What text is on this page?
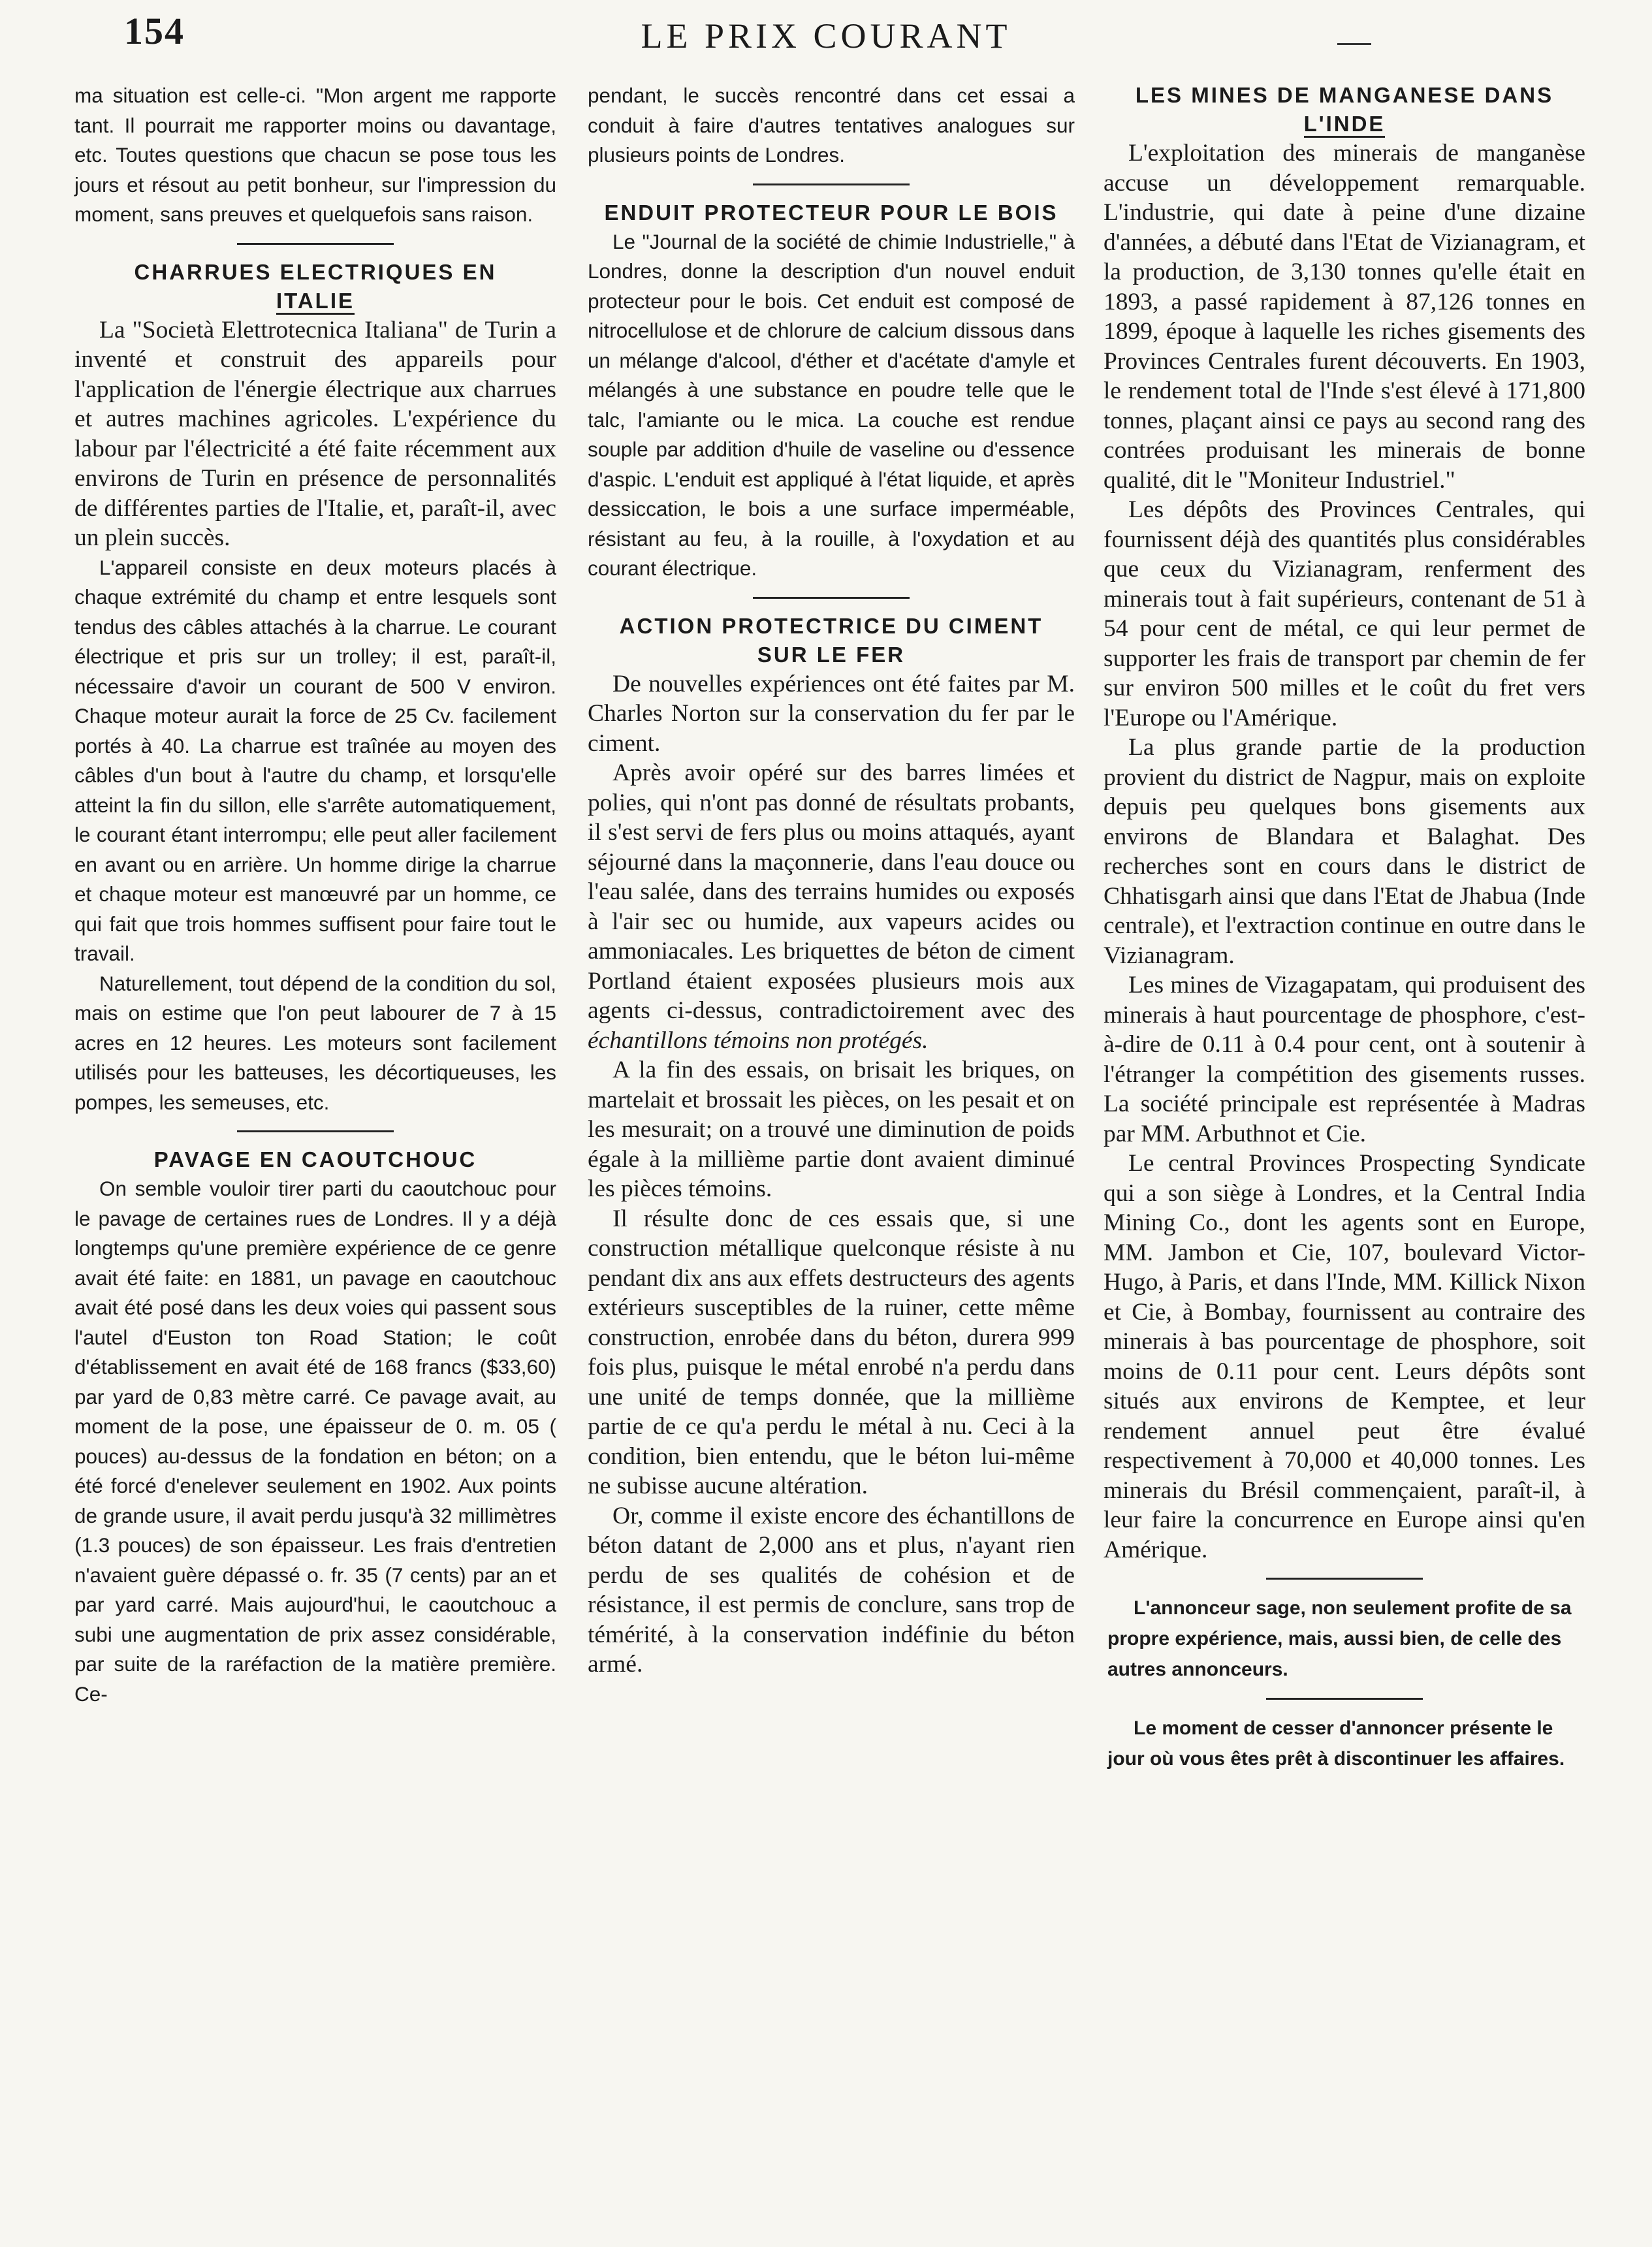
154	LE PRIX COURANT

ma situation est celle-ci. "Mon argent me rapporte tant. Il pourrait me rapporter moins ou davantage, etc. Toutes questions que chacun se pose tous les jours et résout au petit bonheur, sur l'impression du moment, sans preuves et quelquefois sans raison.

CHARRUES ELECTRIQUES EN
ITALIE

La "Società Elettrotecnica Italiana" de Turin a inventé et construit des appareils pour l'application de l'énergie électrique aux charrues et autres machines agricoles. L'expérience du labour par l'électricité a été faite récemment aux environs de Turin en présence de personnalités de différentes parties de l'Italie, et, paraît-il, avec un plein succès.

L'appareil consiste en deux moteurs placés à chaque extrémité du champ et entre lesquels sont tendus des câbles attachés à la charrue. Le courant électrique et pris sur un trolley; il est, paraît-il, nécessaire d'avoir un courant de 500 V environ. Chaque moteur aurait la force de 25 Cv. facilement portés à 40. La charrue est traînée au moyen des câbles d'un bout à l'autre du champ, et lorsqu'elle atteint la fin du sillon, elle s'arrête automatiquement, le courant étant interrompu; elle peut aller facilement en avant ou en arrière. Un homme dirige la charrue et chaque moteur est manœuvré par un homme, ce qui fait que trois hommes suffisent pour faire tout le travail.

Naturellement, tout dépend de la condition du sol, mais on estime que l'on peut labourer de 7 à 15 acres en 12 heures. Les moteurs sont facilement utilisés pour les batteuses, les décortiqueuses, les pompes, les semeuses, etc.

PAVAGE EN CAOUTCHOUC

On semble vouloir tirer parti du caoutchouc pour le pavage de certaines rues de Londres. Il y a déjà longtemps qu'une première expérience de ce genre avait été faite: en 1881, un pavage en caoutchouc avait été posé dans les deux voies qui passent sous l'autel d'Euston ton Road Station; le coût d'établissement en avait été de 168 francs ($33,60) par yard de 0,83 mètre carré. Ce pavage avait, au moment de la pose, une épaisseur de 0. m. 05 ( pouces) au-dessus de la fondation en béton; on a été forcé d'enelever seulement en 1902. Aux points de grande usure, il avait perdu jusqu'à 32 millimètres (1.3 pouces) de son épaisseur. Les frais d'entretien n'avaient guère dépassé o. fr. 35 (7 cents) par an et par yard carré. Mais aujourd'hui, le caoutchouc a subi une augmentation de prix assez considérable, par suite de la raréfaction de la matière première. Ce-

pendant, le succès rencontré dans cet essai a conduit à faire d'autres tentatives analogues sur plusieurs points de Londres.

ENDUIT PROTECTEUR POUR LE BOIS

Le "Journal de la société de chimie Industrielle," à Londres, donne la description d'un nouvel enduit protecteur pour le bois. Cet enduit est composé de nitrocellulose et de chlorure de calcium dissous dans un mélange d'alcool, d'éther et d'acétate d'amyle et mélangés à une substance en poudre telle que le talc, l'amiante ou le mica. La couche est rendue souple par addition d'huile de vaseline ou d'essence d'aspic. L'enduit est appliqué à l'état liquide, et après dessiccation, le bois a une surface imperméable, résistant au feu, à la rouille, à l'oxydation et au courant électrique.

ACTION PROTECTRICE DU CIMENT
SUR LE FER

De nouvelles expériences ont été faites par M. Charles Norton sur la conservation du fer par le ciment.

Après avoir opéré sur des barres limées et polies, qui n'ont pas donné de résultats probants, il s'est servi de fers plus ou moins attaqués, ayant séjourné dans la maçonnerie, dans l'eau douce ou l'eau salée, dans des terrains humides ou exposés à l'air sec ou humide, aux vapeurs acides ou ammoniacales. Les briquettes de béton de ciment Portland étaient exposées plusieurs mois aux agents ci-dessus, contradictoirement avec des échantillons témoins non protégés.

A la fin des essais, on brisait les briques, on martelait et brossait les pièces, on les pesait et on les mesurait; on a trouvé une diminution de poids égale à la millième partie dont avaient diminué les pièces témoins.

Il résulte donc de ces essais que, si une construction métallique quelconque résiste à nu pendant dix ans aux effets destructeurs des agents extérieurs susceptibles de la ruiner, cette même construction, enrobée dans du béton, durera 999 fois plus, puisque le métal enrobé n'a perdu dans une unité de temps donnée, que la millième partie de ce qu'a perdu le métal à nu. Ceci à la condition, bien entendu, que le béton lui-même ne subisse aucune altération.

Or, comme il existe encore des échantillons de béton datant de 2,000 ans et plus, n'ayant rien perdu de ses qualités de cohésion et de résistance, il est permis de conclure, sans trop de témérité, à la conservation indéfinie du béton armé.

LES MINES DE MANGANESE DANS
L'INDE

L'exploitation des minerais de manganèse accuse un développement remarquable. L'industrie, qui date à peine d'une dizaine d'années, a débuté dans l'Etat de Vizianagram, et la production, de 3,130 tonnes qu'elle était en 1893, a passé rapidement à 87,126 tonnes en 1899, époque à laquelle les riches gisements des Provinces Centrales furent découverts. En 1903, le rendement total de l'Inde s'est élevé à 171,800 tonnes, plaçant ainsi ce pays au second rang des contrées produisant les minerais de bonne qualité, dit le "Moniteur Industriel."

Les dépôts des Provinces Centrales, qui fournissent déjà des quantités plus considérables que ceux du Vizianagram, renferment des minerais tout à fait supérieurs, contenant de 51 à 54 pour cent de métal, ce qui leur permet de supporter les frais de transport par chemin de fer sur environ 500 milles et le coût du fret vers l'Europe ou l'Amérique.

La plus grande partie de la production provient du district de Nagpur, mais on exploite depuis peu quelques bons gisements aux environs de Blandara et Balaghat. Des recherches sont en cours dans le district de Chhatisgarh ainsi que dans l'Etat de Jhabua (Inde centrale), et l'extraction continue en outre dans le Vizianagram.

Les mines de Vizagapatam, qui produisent des minerais à haut pourcentage de phosphore, c'est-à-dire de 0.11 à 0.4 pour cent, ont à soutenir à l'étranger la compétition des gisements russes. La société principale est représentée à Madras par MM. Arbuthnot et Cie.

Le central Provinces Prospecting Syndicate qui a son siège à Londres, et la Central India Mining Co., dont les agents sont en Europe, MM. Jambon et Cie, 107, boulevard Victor-Hugo, à Paris, et dans l'Inde, MM. Killick Nixon et Cie, à Bombay, fournissent au contraire des minerais à bas pourcentage de phosphore, soit moins de 0.11 pour cent. Leurs dépôts sont situés aux environs de Kemptee, et leur rendement annuel peut être évalué respectivement à 70,000 et 40,000 tonnes. Les minerais du Brésil commençaient, paraît-il, à leur faire la concurrence en Europe ainsi qu'en Amérique.

L'annonceur sage, non seulement profite de sa propre expérience, mais, aussi bien, de celle des autres annonceurs.

Le moment de cesser d'annoncer présente le jour où vous êtes prêt à discontinuer les affaires.
